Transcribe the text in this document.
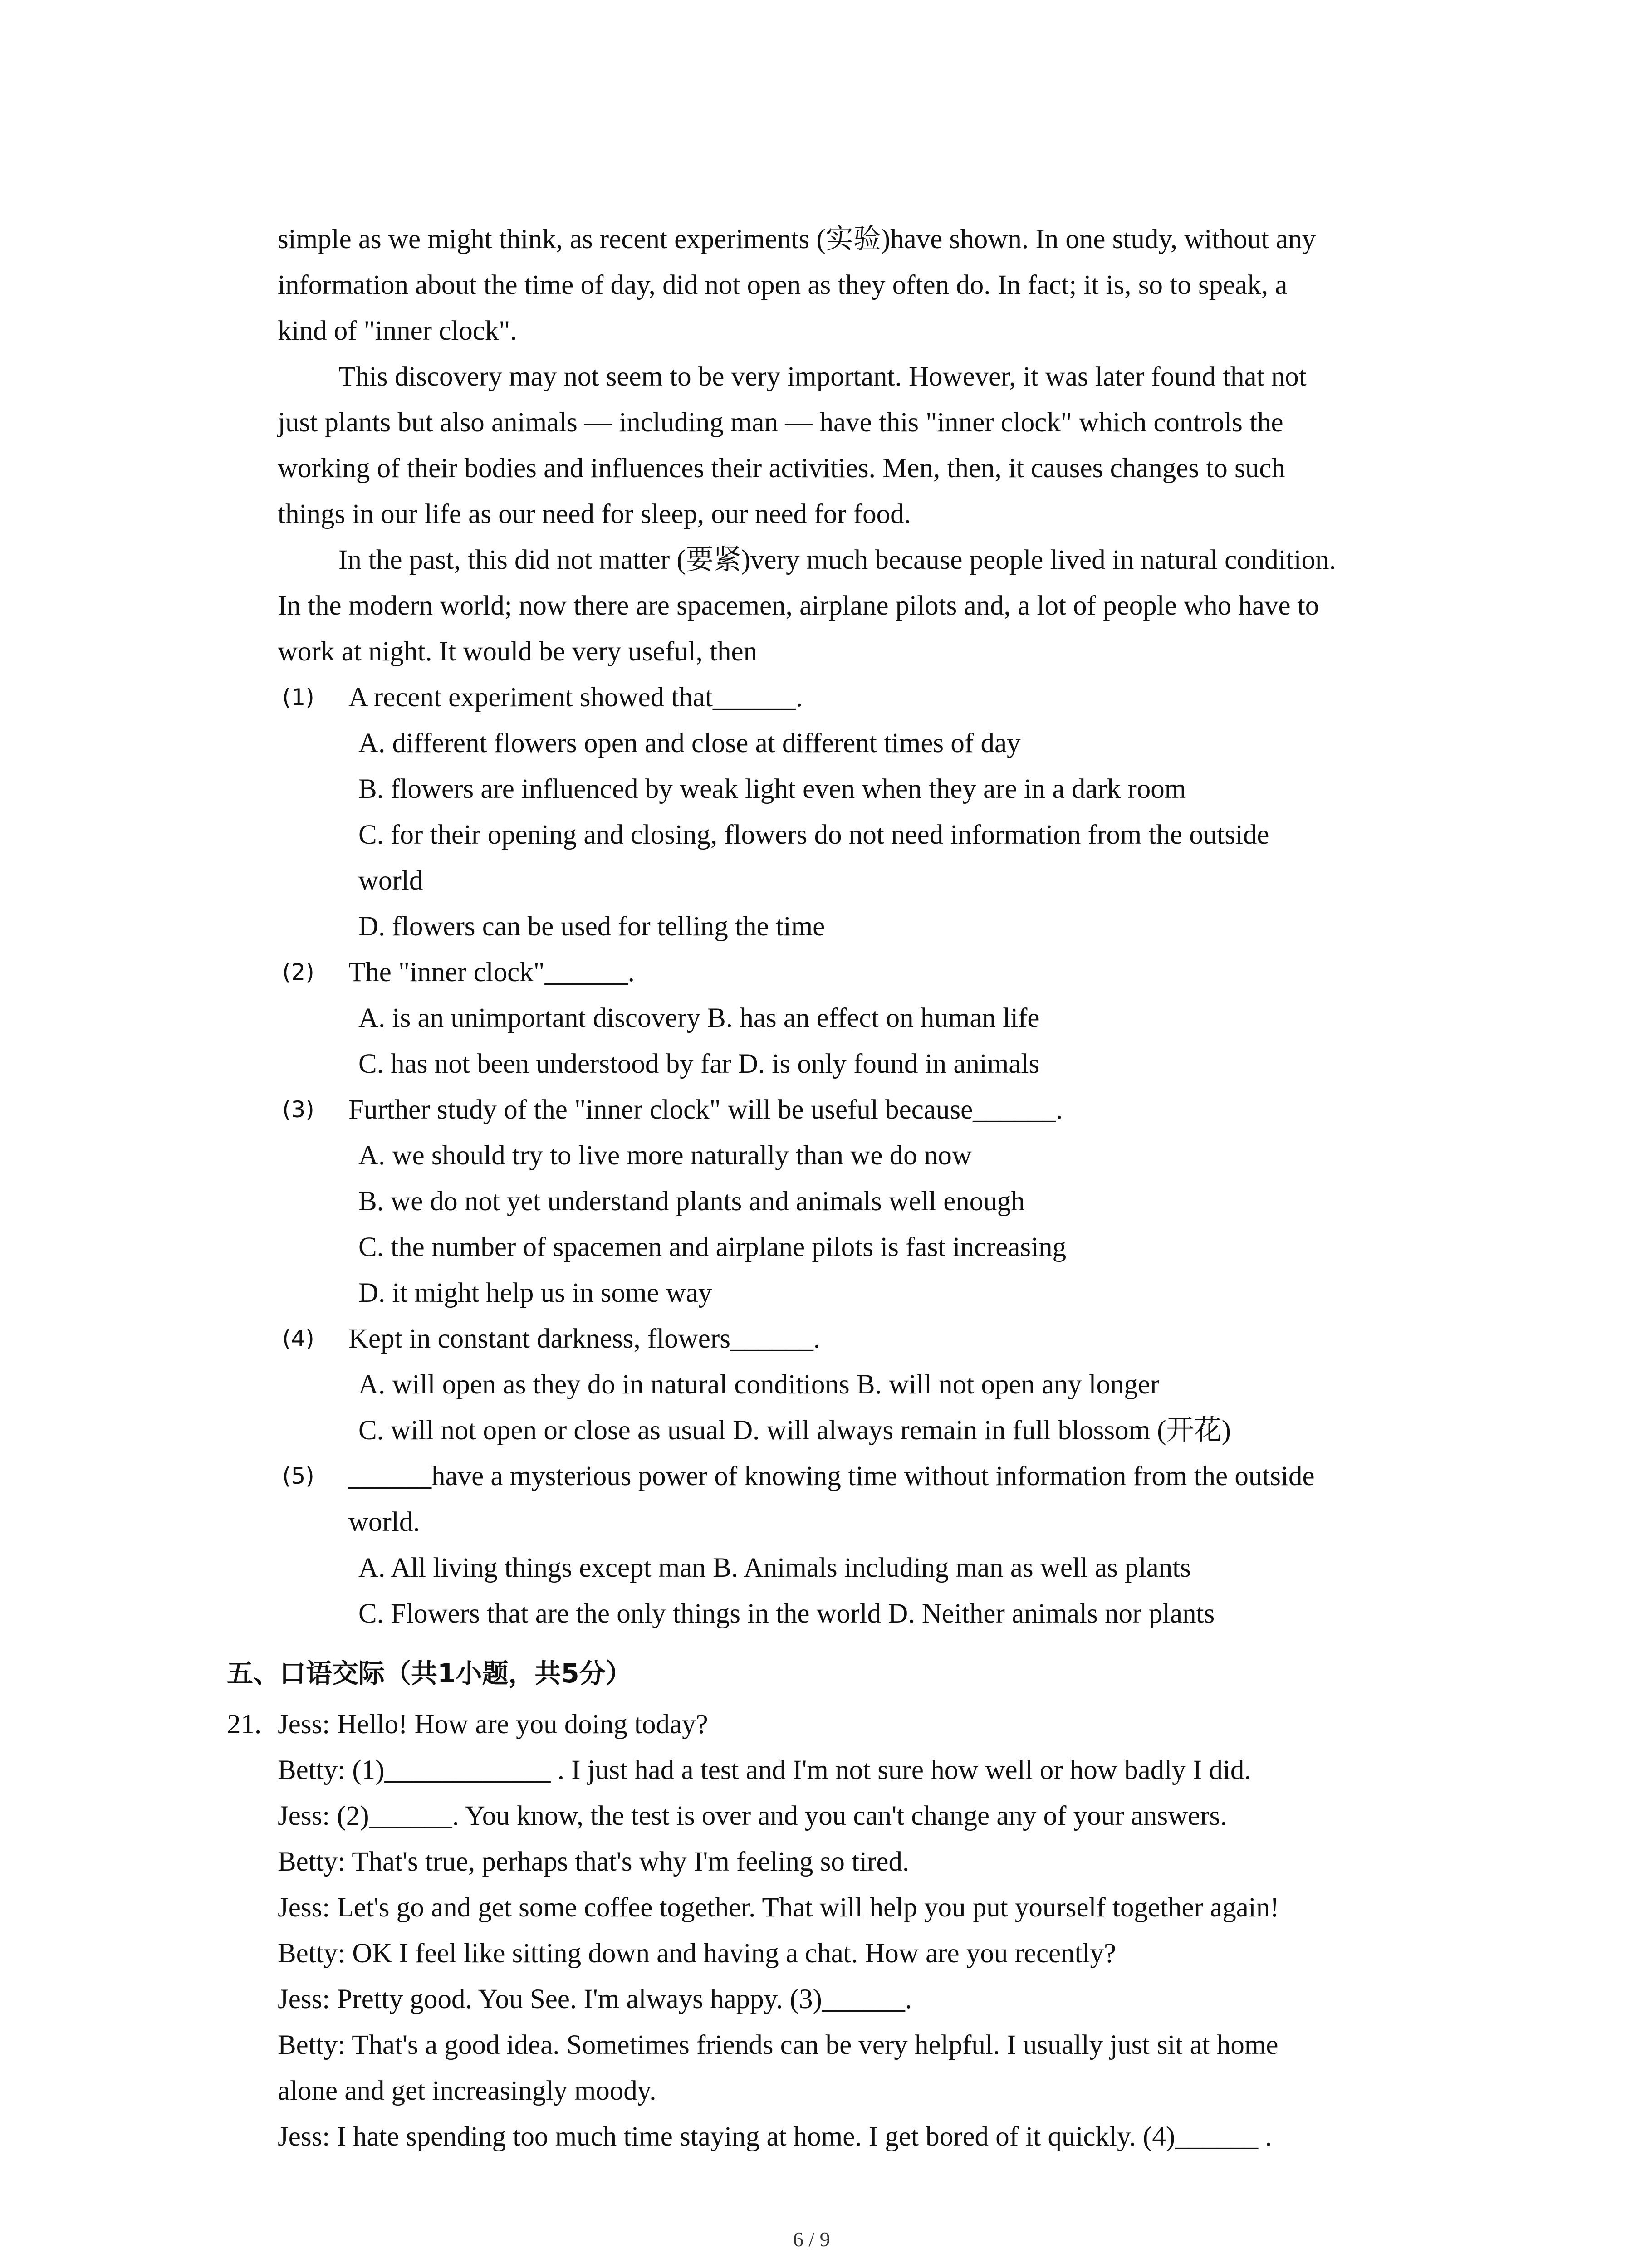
simple as we might think, as recent experiments (实验)have shown. In one study, without any
information about the time of day, did not open as they often do. In fact; it is, so to speak, a
kind of "inner clock".
This discovery may not seem to be very important. However, it was later found that not
just plants but also animals — including man — have this "inner clock" which controls the
working of their bodies and influences their activities. Men, then, it causes changes to such
things in our life as our need for sleep, our need for food.
In the past, this did not matter (要紧)very much because people lived in natural condition.
In the modern world; now there are spacemen, airplane pilots and, a lot of people who have to
work at night. It would be very useful, then
(1) A recent experiment showed that______.
A. different flowers open and close at different times of day
B. flowers are influenced by weak light even when they are in a dark room
C. for their opening and closing, flowers do not need information from the outside
world
D. flowers can be used for telling the time
(2) The "inner clock"______.
A. is an unimportant discovery B. has an effect on human life
C. has not been understood by far D. is only found in animals
(3) Further study of the "inner clock" will be useful because______.
A. we should try to live more naturally than we do now
B. we do not yet understand plants and animals well enough
C. the number of spacemen and airplane pilots is fast increasing
D. it might help us in some way
(4) Kept in constant darkness, flowers______.
A. will open as they do in natural conditions B. will not open any longer
C. will not open or close as usual D. will always remain in full blossom (开花)
(5) ______have a mysterious power of knowing time without information from the outside
world.
A. All living things except man B. Animals including man as well as plants
C. Flowers that are the only things in the world D. Neither animals nor plants
五、口语交际（共1小题，共5分）
21. Jess: Hello! How are you doing today?
Betty: (1)____________ . I just had a test and I'm not sure how well or how badly I did.
Jess: (2)______. You know, the test is over and you can't change any of your answers.
Betty: That's true, perhaps that's why I'm feeling so tired.
Jess: Let's go and get some coffee together. That will help you put yourself together again!
Betty: OK I feel like sitting down and having a chat. How are you recently?
Jess: Pretty good. You See. I'm always happy. (3)______.
Betty: That's a good idea. Sometimes friends can be very helpful. I usually just sit at home
alone and get increasingly moody.
Jess: I hate spending too much time staying at home. I get bored of it quickly. (4)______ .
6 / 9
